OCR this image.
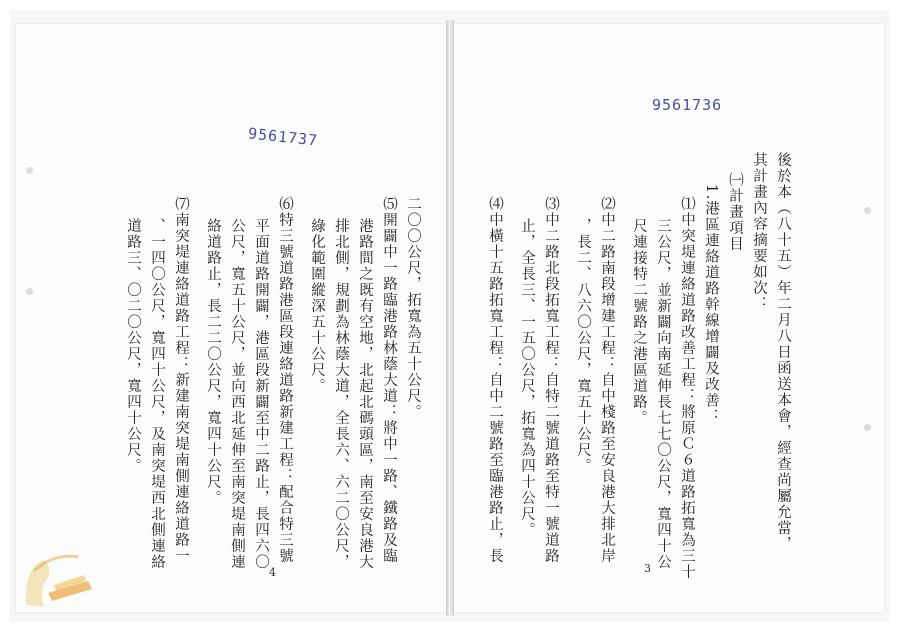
9561737
二〇〇公尺，拓寬為五十公尺。
⑸開闢中一路臨港路林蔭大道：將中一路、鐵路及臨
港路間之既有空地，北起北碼頭區，南至安良港大
排北側，規劃為林蔭大道，全長六、六二〇公尺，
綠化範圍縱深五十公尺。
⑹特三號道路港區段連絡道路新建工程：配合特三號
平面道路開闢，港區段新闢至中二路止，長四六〇
公尺，寬五十公尺，並向西北延伸至南突堤南側連
絡道路止，長二二〇公尺，寬四十公尺。
⑺南突堤連絡道路工程：新建南突堤南側連絡道路一
、一四〇公尺，寬四十公尺，及南突堤西北側連絡
道路三、〇二〇公尺，寬四十公尺。
4
9561736
後於本（八十五）年二月八日函送本會，經查尚屬允當，
其計畫內容摘要如次：
㈠計畫項目
1.港區連絡道路幹線增闢及改善：
⑴中突堤連絡道路改善工程：將原Ｃ６道路拓寬為三十
三公尺，並新闢向南延伸長七七〇公尺，寬四十公
尺連接特二號路之港區道路。
⑵中二路南段增建工程：自中棧路至安良港大排北岸
，長二、八六〇公尺，寬五十公尺。
⑶中二路北段拓寬工程：自特二號道路至特一號道路
止，全長三、一五〇公尺，拓寬為四十公尺。
⑷中橫十五路拓寬工程：自中二號路至臨港路止，長
3
